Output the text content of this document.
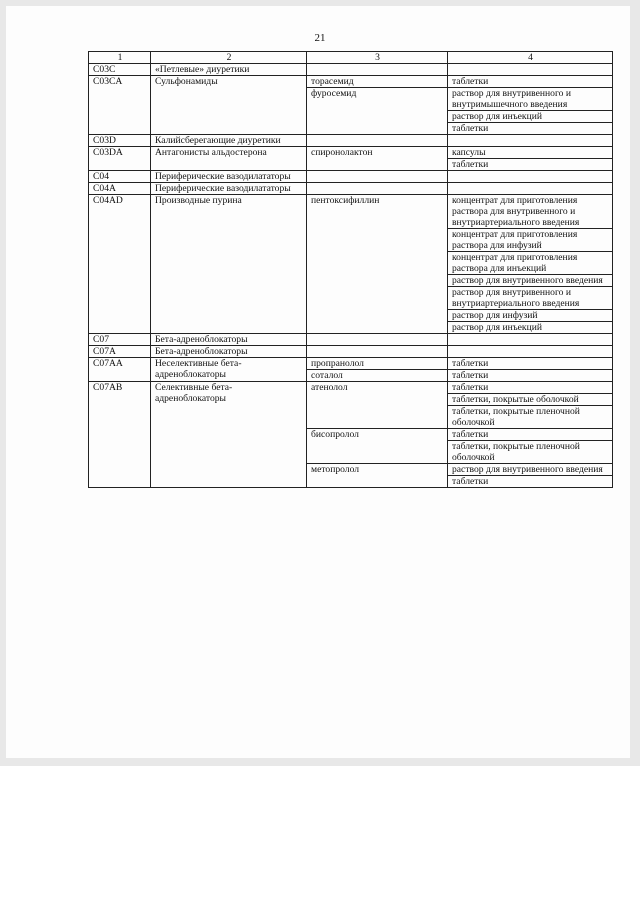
21
1	2	3	4
C03C	«Петлевые» диуретики		
C03CA	Сульфонамиды	торасемид	таблетки
		фуросемид	раствор для внутривенного и внутримышечного введения
			раствор для инъекций
			таблетки
C03D	Калийсберегающие диуретики		
C03DA	Антагонисты альдостерона	спиронолактон	капсулы
			таблетки
C04	Периферические вазодилататоры		
C04A	Периферические вазодилататоры		
C04AD	Производные пурина	пентоксифиллин	концентрат для приготовления раствора для внутривенного и внутриартериального введения
			концентрат для приготовления раствора для инфузий
			концентрат для приготовления раствора для инъекций
			раствор для внутривенного введения
			раствор для внутривенного и внутриартериального введения
			раствор для инфузий
			раствор для инъекций
C07	Бета-адреноблокаторы		
C07A	Бета-адреноблокаторы		
C07AA	Неселективные бета-адреноблокаторы	пропранолол	таблетки
		соталол	таблетки
C07AB	Селективные бета-адреноблокаторы	атенолол	таблетки
			таблетки, покрытые оболочкой
			таблетки, покрытые пленочной оболочкой
		бисопролол	таблетки
			таблетки, покрытые пленочной оболочкой
		метопролол	раствор для внутривенного введения
			таблетки
